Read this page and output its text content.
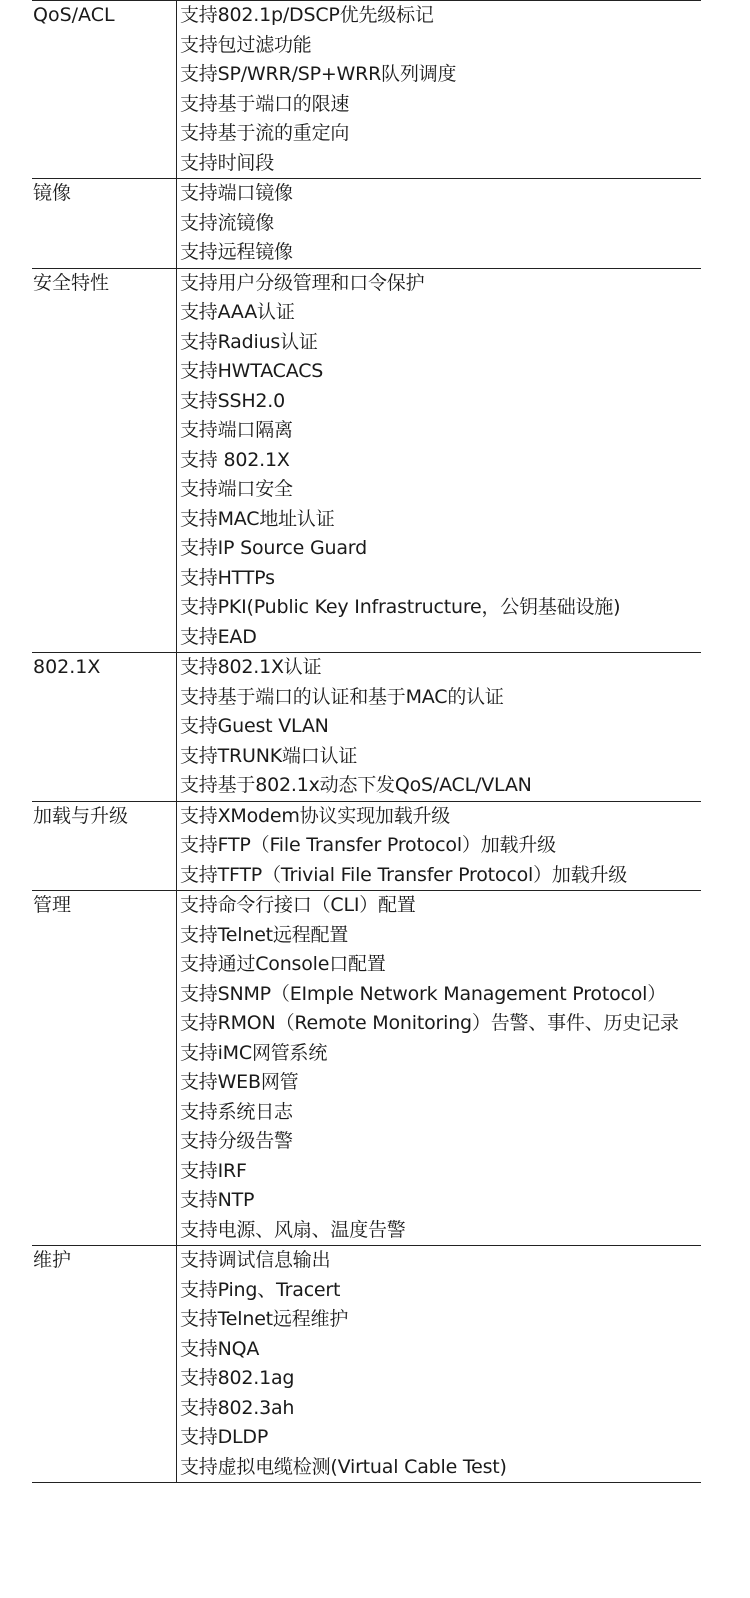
QoS/ACL	支持802.1p/DSCP优先级标记
支持包过滤功能
支持SP/WRR/SP+WRR队列调度
支持基于端口的限速
支持基于流的重定向
支持时间段
镜像	支持端口镜像
支持流镜像
支持远程镜像
安全特性	支持用户分级管理和口令保护
支持AAA认证
支持Radius认证
支持HWTACACS
支持SSH2.0
支持端口隔离
支持 802.1X
支持端口安全
支持MAC地址认证
支持IP Source Guard
支持HTTPs
支持PKI(Public Key Infrastructure，公钥基础设施)
支持EAD
802.1X	支持802.1X认证
支持基于端口的认证和基于MAC的认证
支持Guest VLAN
支持TRUNK端口认证
支持基于802.1x动态下发QoS/ACL/VLAN
加载与升级	支持XModem协议实现加载升级
支持FTP（File Transfer Protocol）加载升级
支持TFTP（Trivial File Transfer Protocol）加载升级
管理	支持命令行接口（CLI）配置
支持Telnet远程配置
支持通过Console口配置
支持SNMP（EImple Network Management Protocol）
支持RMON（Remote Monitoring）告警、事件、历史记录
支持iMC网管系统
支持WEB网管
支持系统日志
支持分级告警
支持IRF
支持NTP
支持电源、风扇、温度告警
维护	支持调试信息输出
支持Ping、Tracert
支持Telnet远程维护
支持NQA
支持802.1ag
支持802.3ah
支持DLDP
支持虚拟电缆检测(Virtual Cable Test)
